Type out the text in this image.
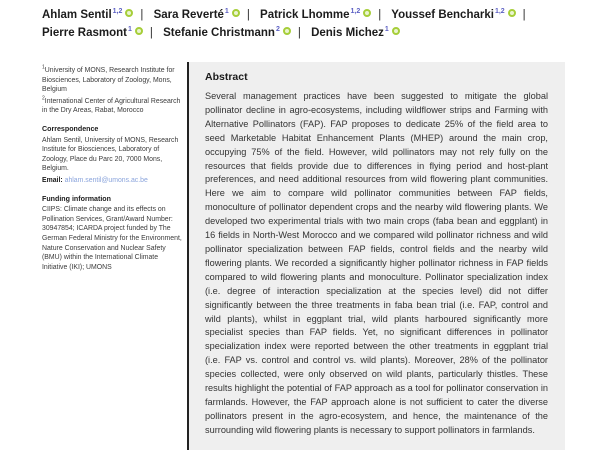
Ahlam Sentil$^{1,2}$ | Sara Reverté$^1$ | Patrick Lhomme$^{1,2}$ | Youssef Bencharki$^{1,2}$ | Pierre Rasmont$^1$ | Stefanie Christmann$^2$ | Denis Michez$^1$

$^1$University of MONS, Research Institute for Biosciences, Laboratory of Zoology, Mons, Belgium

$^2$International Center of Agricultural Research in the Dry Areas, Rabat, Morocco

Correspondence

Ahlam Sentil, University of MONS, Research Institute for Biosciences, Laboratory of Zoology, Place du Parc 20, 7000 Mons, Belgium.

Email: ahlam.sentil@umons.ac.be

Funding information

CIIPS: Climate change and its effects on Pollination Services, Grant/Award Number: 30947854; ICARDA project funded by The German Federal Ministry for the Environment, Nature Conservation and Nuclear Safety (BMU) within the International Climate Initiative (IKI); UMONS

Abstract

Several management practices have been suggested to mitigate the global pollinator decline in agro-ecosystems, including wildflower strips and Farming with Alternative Pollinators (FAP). FAP proposes to dedicate 25% of the field area to seed Marketable Habitat Enhancement Plants (MHEP) around the main crop, occupying 75% of the field. However, wild pollinators may not rely fully on the resources that fields provide due to differences in flying period and host-plant preferences, and need additional resources from wild flowering plant communities. Here we aim to compare wild pollinator communities between FAP fields, monoculture of pollinator dependent crops and the nearby wild flowering plants. We developed two experimental trials with two main crops (faba bean and eggplant) in 16 fields in North-West Morocco and we compared wild pollinator richness and wild pollinator specialization between FAP fields, control fields and the nearby wild flowering plants. We recorded a significantly higher pollinator richness in FAP fields compared to wild flowering plants and monoculture. Pollinator specialization index (i.e. degree of interaction specialization at the species level) did not differ significantly between the three treatments in faba bean trial (i.e. FAP, control and wild plants), whilst in eggplant trial, wild plants harboured significantly more specialist species than FAP fields. Yet, no significant differences in pollinator specialization index were reported between the other treatments in eggplant trial (i.e. FAP vs. control and control vs. wild plants). Moreover, 28% of the pollinator species collected, were only observed on wild plants, particularly thistles. These results highlight the potential of FAP approach as a tool for pollinator conservation in farmlands. However, the FAP approach alone is not sufficient to cater the diverse pollinators present in the agro-ecosystem, and hence, the maintenance of the surrounding wild flowering plants is necessary to support pollinators in farmlands.
